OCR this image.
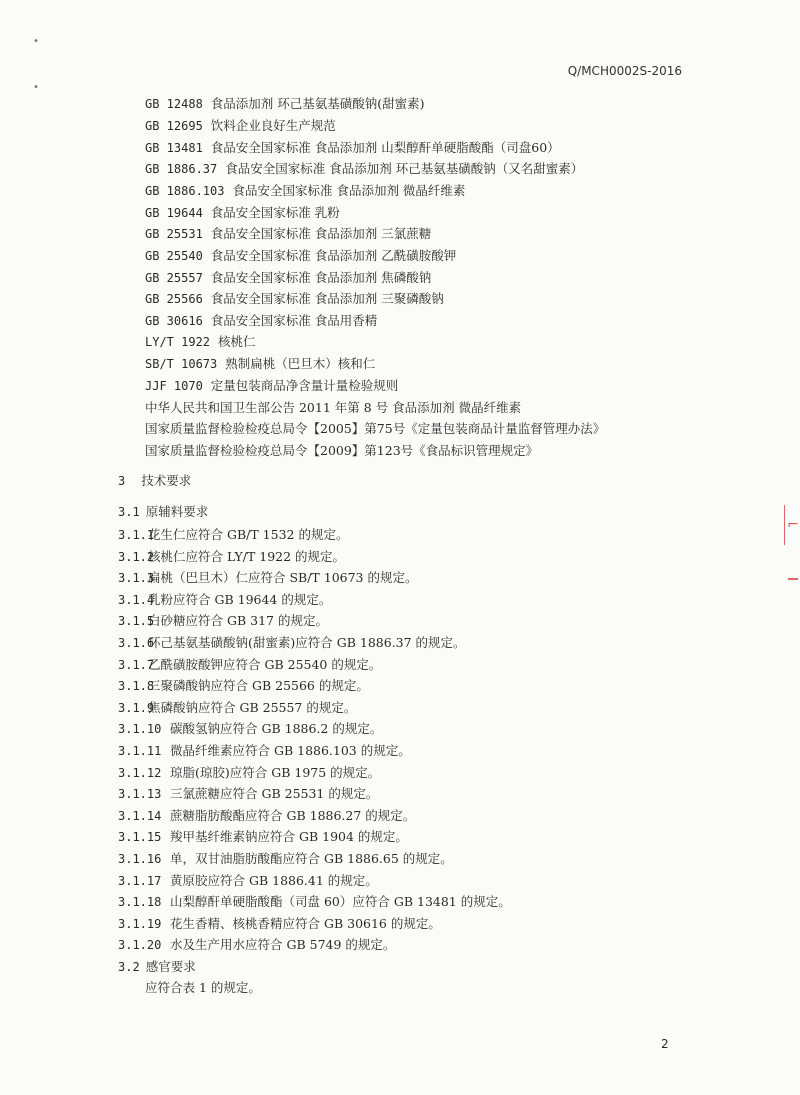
•
•
Q/MCH0002S-2016
GB 12488 食品添加剂 环己基氨基磺酸钠(甜蜜素)
GB 12695 饮料企业良好生产规范
GB 13481 食品安全国家标准 食品添加剂 山梨醇酐单硬脂酸酯（司盘60）
GB 1886.37 食品安全国家标准 食品添加剂 环己基氨基磺酸钠（又名甜蜜素）
GB 1886.103 食品安全国家标准 食品添加剂 微晶纤维素
GB 19644 食品安全国家标准 乳粉
GB 25531 食品安全国家标准 食品添加剂 三氯蔗糖
GB 25540 食品安全国家标准 食品添加剂 乙酰磺胺酸钾
GB 25557 食品安全国家标准 食品添加剂 焦磷酸钠
GB 25566 食品安全国家标准 食品添加剂 三聚磷酸钠
GB 30616 食品安全国家标准 食品用香精
LY/T 1922 核桃仁
SB/T 10673 熟制扁桃（巴旦木）核和仁
JJF 1070 定量包装商品净含量计量检验规则
中华人民共和国卫生部公告 2011 年第 8 号 食品添加剂 微晶纤维素
国家质量监督检验检疫总局令【2005】第75号《定量包装商品计量监督管理办法》
国家质量监督检验检疫总局令【2009】第123号《食品标识管理规定》
3 技术要求
3.1 原辅料要求
3.1.1花生仁应符合 GB/T 1532 的规定。
3.1.2核桃仁应符合 LY/T 1922 的规定。
3.1.3扁桃（巴旦木）仁应符合 SB/T 10673 的规定。
3.1.4乳粉应符合 GB 19644 的规定。
3.1.5白砂糖应符合 GB 317 的规定。
3.1.6环己基氨基磺酸钠(甜蜜素)应符合 GB 1886.37 的规定。
3.1.7乙酰磺胺酸钾应符合 GB 25540 的规定。
3.1.8三聚磷酸钠应符合 GB 25566 的规定。
3.1.9焦磷酸钠应符合 GB 25557 的规定。
3.1.10 碳酸氢钠应符合 GB 1886.2 的规定。
3.1.11 微晶纤维素应符合 GB 1886.103 的规定。
3.1.12 琼脂(琼胶)应符合 GB 1975 的规定。
3.1.13 三氯蔗糖应符合 GB 25531 的规定。
3.1.14 蔗糖脂肪酸酯应符合 GB 1886.27 的规定。
3.1.15 羧甲基纤维素钠应符合 GB 1904 的规定。
3.1.16 单，双甘油脂肪酸酯应符合 GB 1886.65 的规定。
3.1.17 黄原胶应符合 GB 1886.41 的规定。
3.1.18 山梨醇酐单硬脂酸酯（司盘 60）应符合 GB 13481 的规定。
3.1.19 花生香精、核桃香精应符合 GB 30616 的规定。
3.1.20 水及生产用水应符合 GB 5749 的规定。
3.2 感官要求
应符合表 1 的规定。
2
⌐
